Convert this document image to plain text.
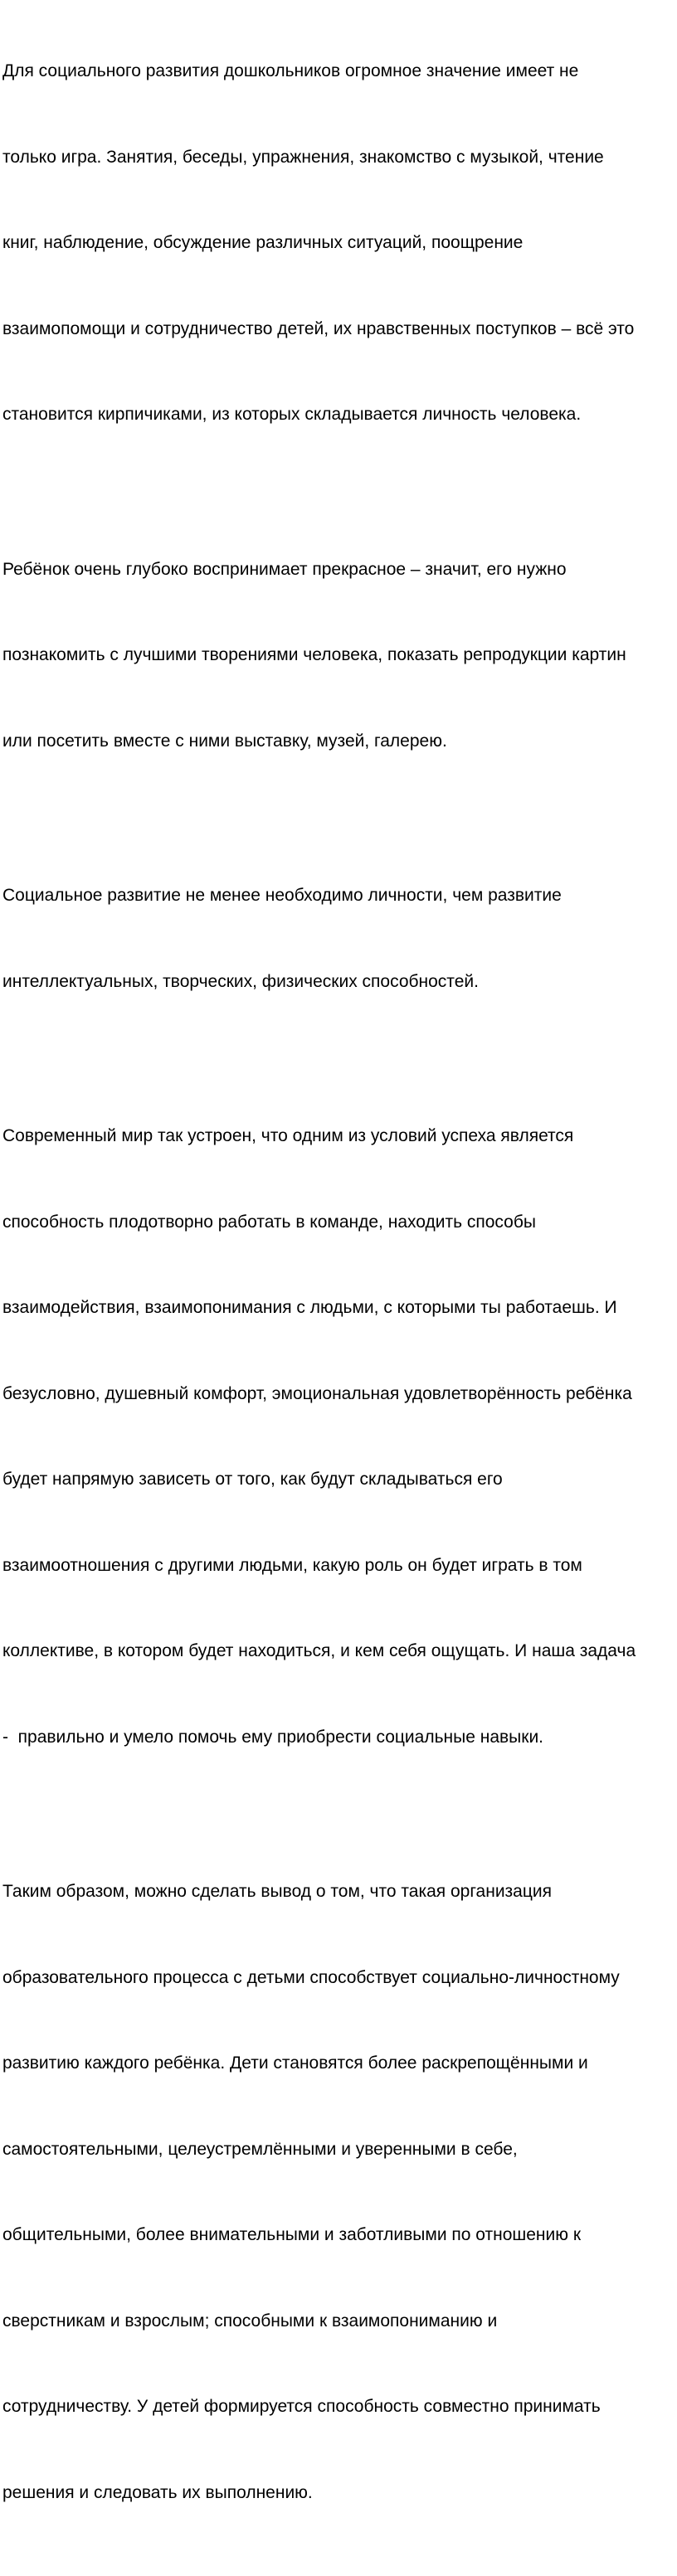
Для социального развития дошкольников огромное значение имеет не

только игра. Занятия, беседы, упражнения, знакомство с музыкой, чтение

книг, наблюдение, обсуждение различных ситуаций, поощрение

взаимопомощи и сотрудничество детей, их нравственных поступков – всё это

становится кирпичиками, из которых складывается личность человека.

Ребёнок очень глубоко воспринимает прекрасное – значит, его нужно

познакомить с лучшими творениями человека, показать репродукции картин

или посетить вместе с ними выставку, музей, галерею.

Социальное развитие не менее необходимо личности, чем развитие

интеллектуальных, творческих, физических способностей.

Современный мир так устроен, что одним из условий успеха является

способность плодотворно работать в команде, находить способы

взаимодействия, взаимопонимания с людьми, с которыми ты работаешь. И

безусловно, душевный комфорт, эмоциональная удовлетворённость ребёнка

будет напрямую зависеть от того, как будут складываться его

взаимоотношения с другими людьми, какую роль он будет играть в том

коллективе, в котором будет находиться, и кем себя ощущать. И наша задача

-  правильно и умело помочь ему приобрести социальные навыки.

Таким образом, можно сделать вывод о том, что такая организация

образовательного процесса с детьми способствует социально-личностному

развитию каждого ребёнка. Дети становятся более раскрепощёнными и

самостоятельными, целеустремлёнными и уверенными в себе,

общительными, более внимательными и заботливыми по отношению к

сверстникам и взрослым; способными к взаимопониманию и

сотрудничеству. У детей формируется способность совместно принимать

решения и следовать их выполнению.
